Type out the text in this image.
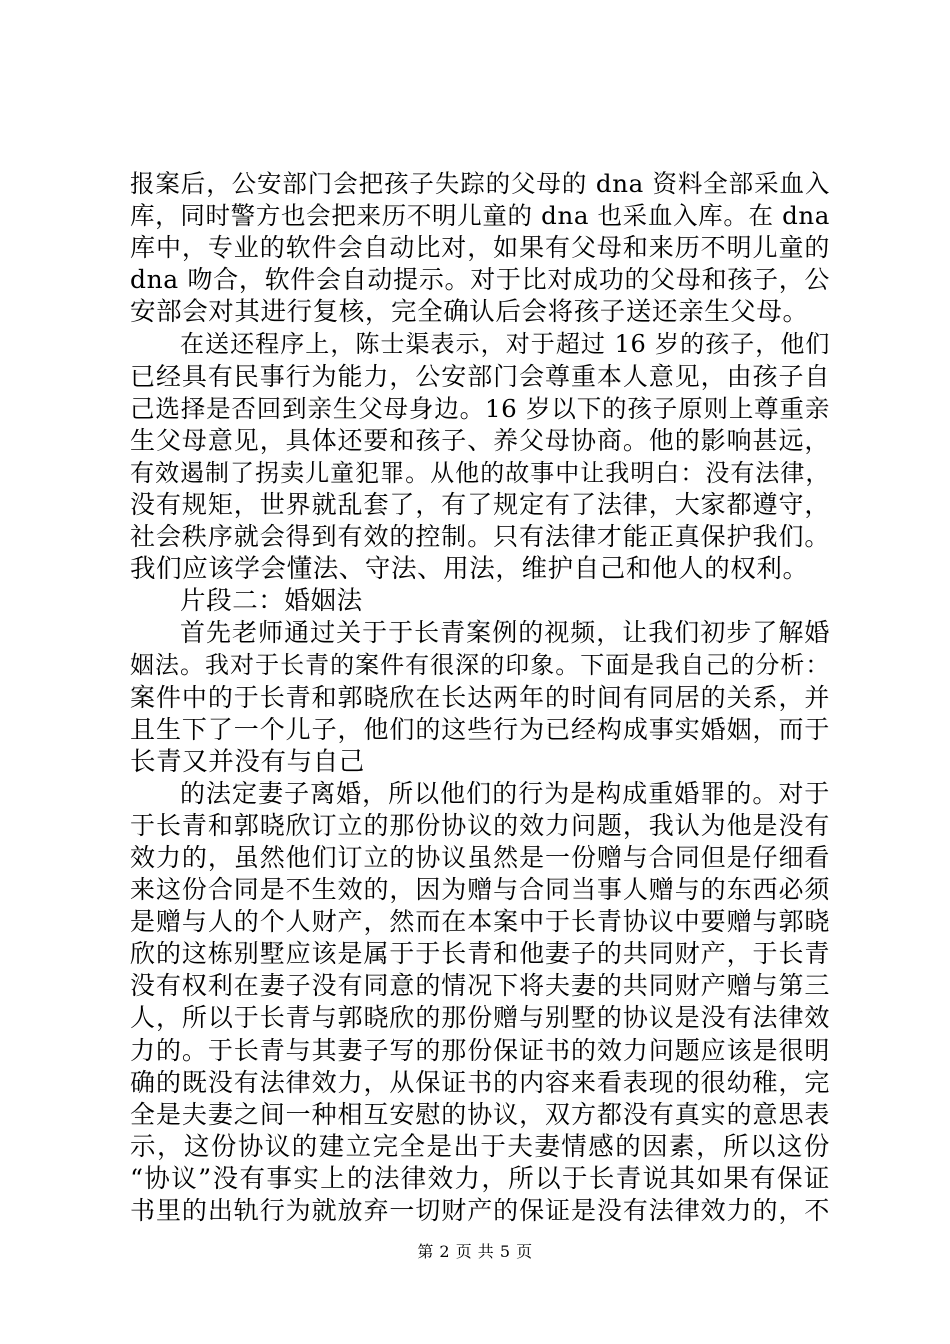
报案后，公安部门会把孩子失踪的父母的 dna 资料全部采血入
库，同时警方也会把来历不明儿童的 dna 也采血入库。在 dna
库中，专业的软件会自动比对，如果有父母和来历不明儿童的
dna 吻合，软件会自动提示。对于比对成功的父母和孩子，公
安部会对其进行复核，完全确认后会将孩子送还亲生父母。
在送还程序上，陈士渠表示，对于超过 16 岁的孩子，他们
已经具有民事行为能力，公安部门会尊重本人意见，由孩子自
己选择是否回到亲生父母身边。16 岁以下的孩子原则上尊重亲
生父母意见，具体还要和孩子、养父母协商。他的影响甚远，
有效遏制了拐卖儿童犯罪。从他的故事中让我明白：没有法律，
没有规矩，世界就乱套了，有了规定有了法律，大家都遵守，
社会秩序就会得到有效的控制。只有法律才能正真保护我们。
我们应该学会懂法、守法、用法，维护自己和他人的权利。
片段二：婚姻法
首先老师通过关于于长青案例的视频，让我们初步了解婚
姻法。我对于长青的案件有很深的印象。下面是我自己的分析：
案件中的于长青和郭晓欣在长达两年的时间有同居的关系，并
且生下了一个儿子，他们的这些行为已经构成事实婚姻，而于
长青又并没有与自己
的法定妻子离婚，所以他们的行为是构成重婚罪的。对于
于长青和郭晓欣订立的那份协议的效力问题，我认为他是没有
效力的，虽然他们订立的协议虽然是一份赠与合同但是仔细看
来这份合同是不生效的，因为赠与合同当事人赠与的东西必须
是赠与人的个人财产，然而在本案中于长青协议中要赠与郭晓
欣的这栋别墅应该是属于于长青和他妻子的共同财产，于长青
没有权利在妻子没有同意的情况下将夫妻的共同财产赠与第三
人，所以于长青与郭晓欣的那份赠与别墅的协议是没有法律效
力的。于长青与其妻子写的那份保证书的效力问题应该是很明
确的既没有法律效力，从保证书的内容来看表现的很幼稚，完
全是夫妻之间一种相互安慰的协议，双方都没有真实的意思表
示，这份协议的建立完全是出于夫妻情感的因素，所以这份
“协议”没有事实上的法律效力，所以于长青说其如果有保证
书里的出轨行为就放弃一切财产的保证是没有法律效力的，不
第 2 页 共 5 页
